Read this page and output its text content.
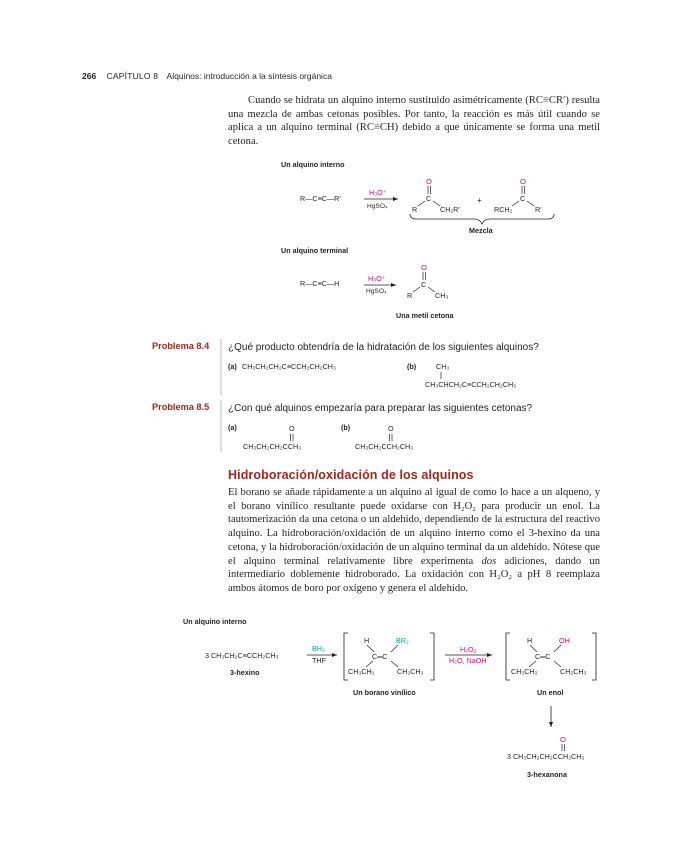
266 CAPÍTULO 8 Alquinos: introducción a la síntesis orgánica
Cuando se hidrata un alquino interno sustituido asimétricamente (RC≡CR′) resulta una mezcla de ambas cetonas posibles. Por tanto, la reacción es más útil cuando se aplica a un alquino terminal (RC≡CH) debido a que únicamente se forma una metil cetona.
Un alquino interno
R—C≡C—R′
H₃O⁺
HgSO₄
O
C
R	CH₂R′
+
O
C
RCH₂	R′
Mezcla
Un alquino terminal
R—C≡C—H
H₃O⁺
HgSO₄
O
C
R	CH₃
Una metil cetona
Problema 8.4 ¿Qué producto obtendría de la hidratación de los siguientes alquinos?
(a) CH₃CH₂CH₂C≡CCH₂CH₂CH₃	(b)	CH₃
CH₃CHCH₂C≡CCH₂CH₂CH₃
Problema 8.5 ¿Con qué alquinos empezaría para preparar las siguientes cetonas?
(a)	O
CH₃CH₂CH₂CCH₃
(b)	O
CH₃CH₂CCH₂CH₃
Hidroboración/oxidación de los alquinos
El borano se añade rápidamente a un alquino al igual de como lo hace a un alqueno, y el borano vinílico resultante puede oxidarse con H₂O₂ para producir un enol. La tautomerización da una cetona o un aldehído, dependiendo de la estructura del reactivo alquino. La hidroboración/oxidación de un alquino interno como el 3-hexino da una cetona, y la hidroboración/oxidación de un alquino terminal da un aldehído. Nótese que el alquino terminal relativamente libre experimenta dos adiciones, dando un intermediario doblemente hidroborado. La oxidación con H₂O₂ a pH 8 reemplaza ambos átomos de boro por oxígeno y genera el aldehído.
Un alquino interno
3 CH₃CH₂C≡CCH₂CH₃
3-hexino
BH₃
THF
H	BR₂
C═C
CH₃CH₂	CH₂CH₃
Un borano vinílico
H₂O₂
H₂O, NaOH
H	OH
C═C
CH₃CH₂	CH₂CH₃
Un enol
O
3 CH₃CH₂CH₂CCH₂CH₃
3-hexanona
